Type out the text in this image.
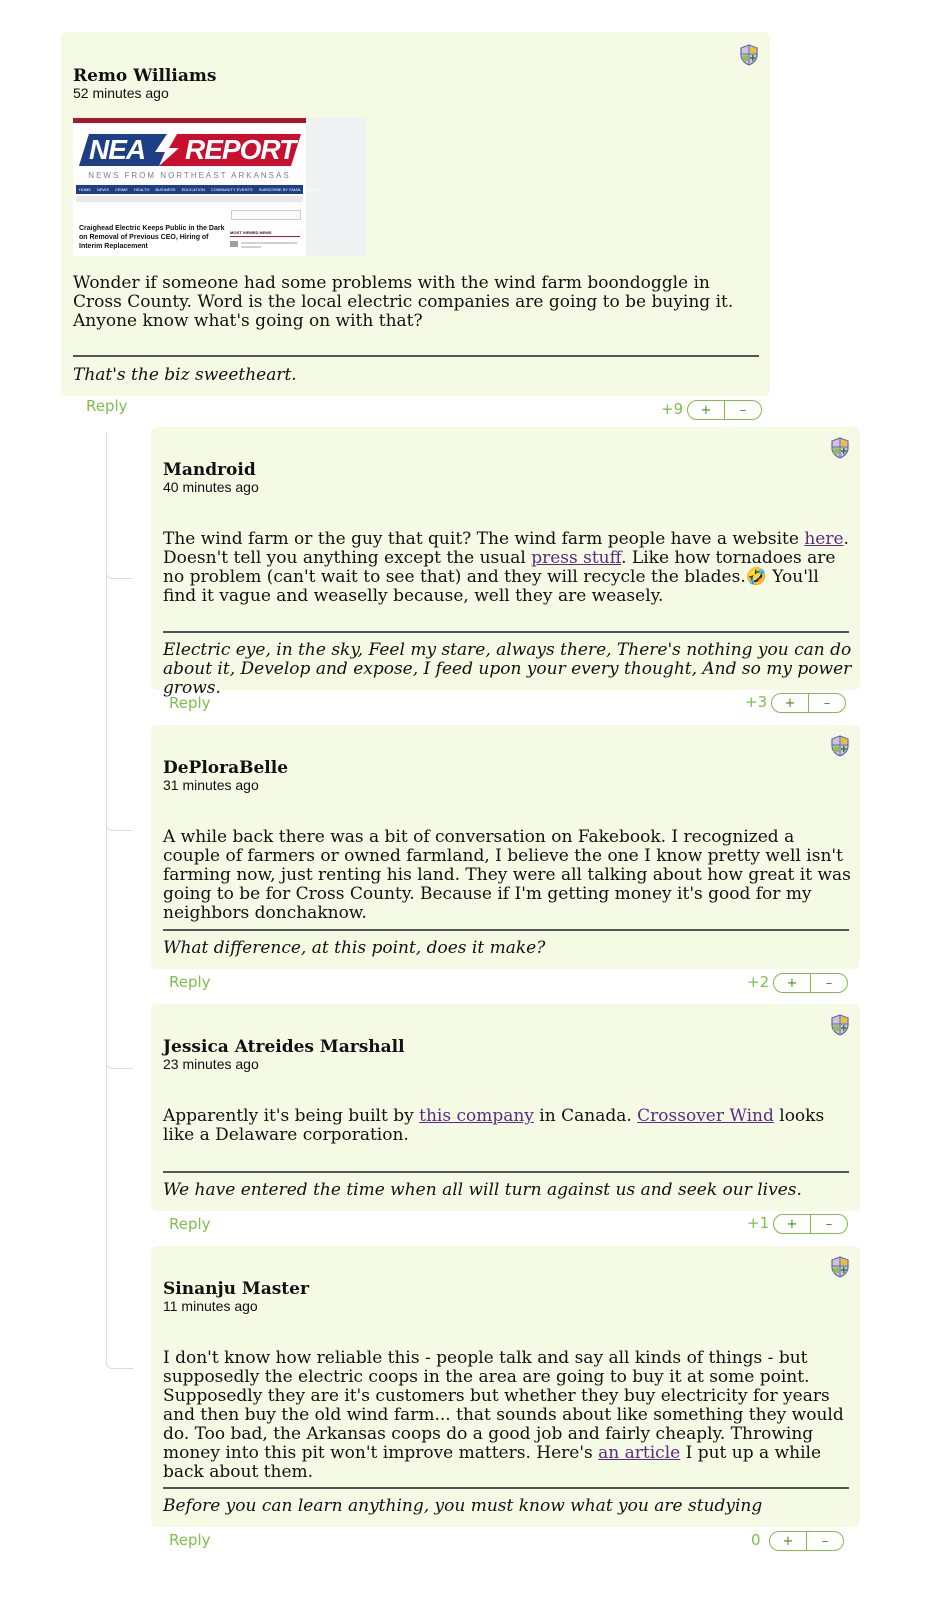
Remo Williams
52 minutes ago
NEA REPORT
NEWS FROM NORTHEAST ARKANSAS
HOME NEWS CRIME HEALTH BUSINESS EDUCATION COMMUNITY EVENTS SUBSCRIBE BY EMAIL ABOUT
Craighead Electric Keeps Public in the Dark on Removal of Previous CEO, Hiring of Interim Replacement
MOST VIEWED NEWS
Wonder if someone had some problems with the wind farm boondoggle in Cross County. Word is the local electric companies are going to be buying it. Anyone know what's going on with that?
That's the biz sweetheart.
Reply	+9	+	–
Mandroid
40 minutes ago
The wind farm or the guy that quit? The wind farm people have a website here. Doesn't tell you anything except the usual press stuff. Like how tornadoes are no problem (can't wait to see that) and they will recycle the blades.🤣 You'll find it vague and weaselly because, well they are weasely.
Electric eye, in the sky, Feel my stare, always there, There's nothing you can do about it, Develop and expose, I feed upon your every thought, And so my power grows.
Reply	+3	+	–
DePloraBelle
31 minutes ago
A while back there was a bit of conversation on Fakebook. I recognized a couple of farmers or owned farmland, I believe the one I know pretty well isn't farming now, just renting his land. They were all talking about how great it was going to be for Cross County. Because if I'm getting money it's good for my neighbors donchaknow.
What difference, at this point, does it make?
Reply	+2	+	–
Jessica Atreides Marshall
23 minutes ago
Apparently it's being built by this company in Canada. Crossover Wind looks like a Delaware corporation.
We have entered the time when all will turn against us and seek our lives.
Reply	+1	+	–
Sinanju Master
11 minutes ago
I don't know how reliable this - people talk and say all kinds of things - but supposedly the electric coops in the area are going to buy it at some point. Supposedly they are it's customers but whether they buy electricity for years and then buy the old wind farm... that sounds about like something they would do. Too bad, the Arkansas coops do a good job and fairly cheaply. Throwing money into this pit won't improve matters. Here's an article I put up a while back about them.
Before you can learn anything, you must know what you are studying
Reply	0	+	–
